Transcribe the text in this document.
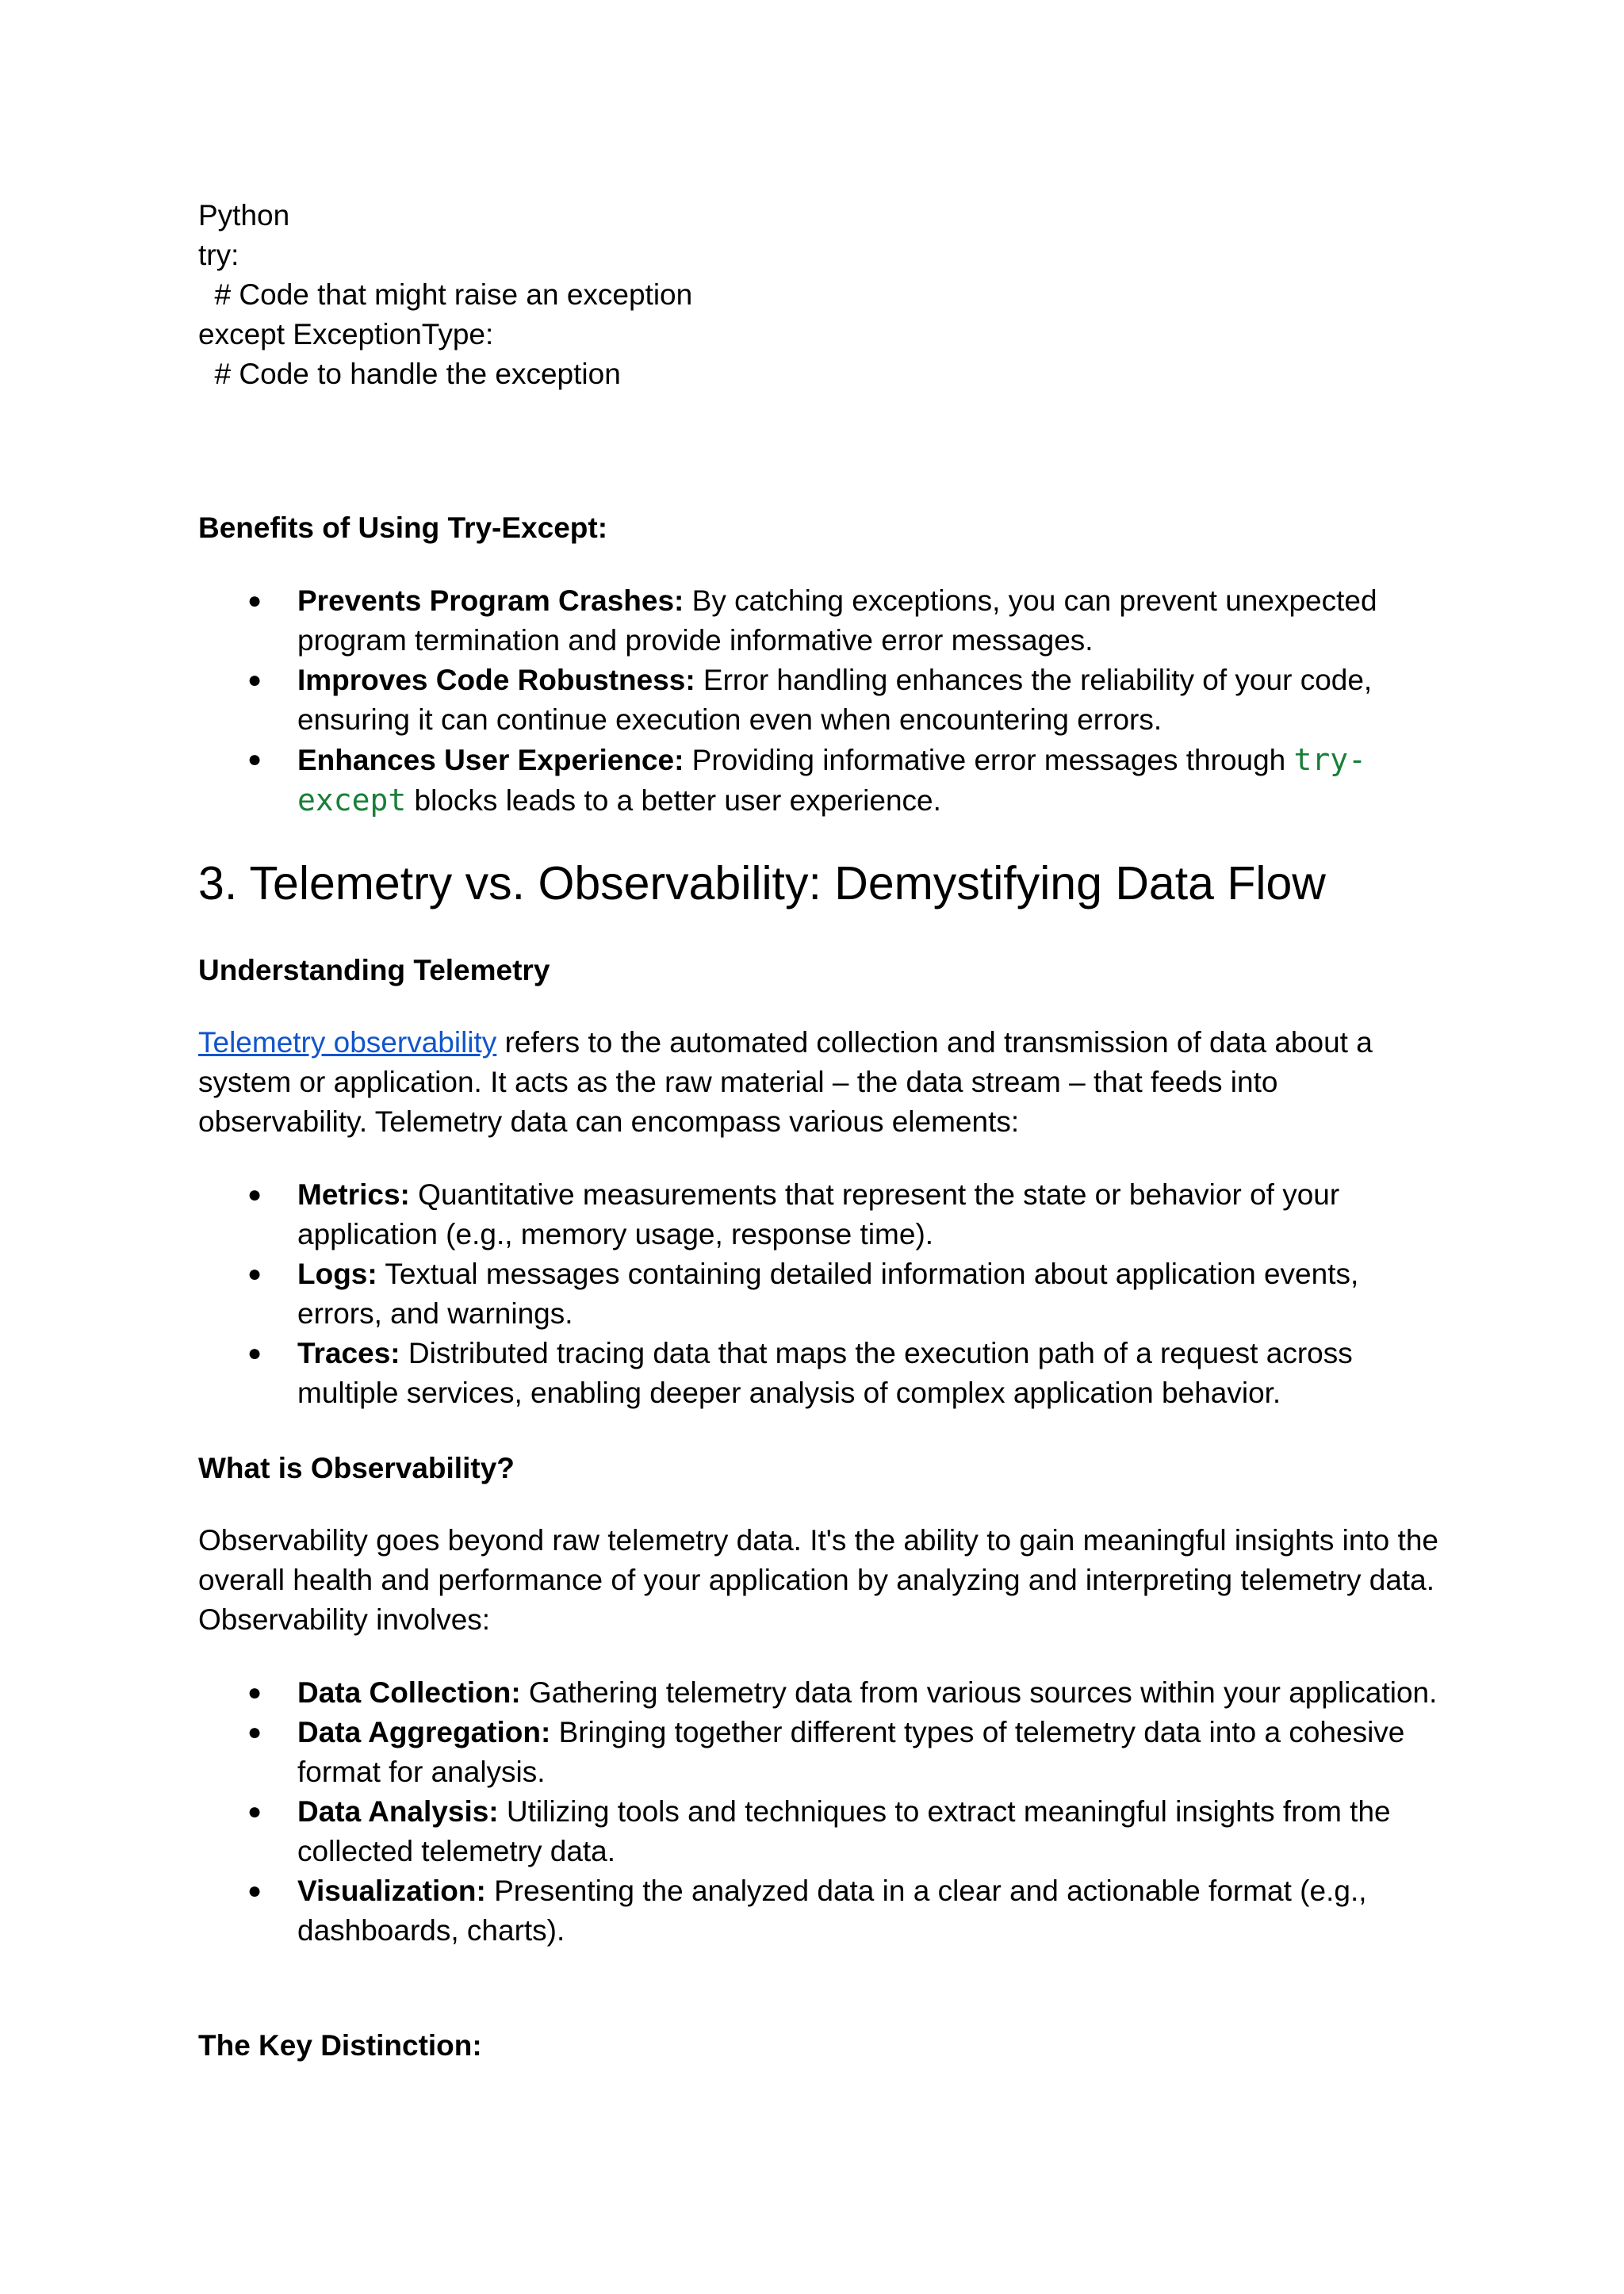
Python
try:
# Code that might raise an exception
except ExceptionType:
# Code to handle the exception
Benefits of Using Try-Except:
● Prevents Program Crashes: By catching exceptions, you can prevent unexpected program termination and provide informative error messages.
● Improves Code Robustness: Error handling enhances the reliability of your code, ensuring it can continue execution even when encountering errors.
● Enhances User Experience: Providing informative error messages through try-except blocks leads to a better user experience.
3. Telemetry vs. Observability: Demystifying Data Flow
Understanding Telemetry
Telemetry observability refers to the automated collection and transmission of data about a system or application. It acts as the raw material – the data stream – that feeds into observability. Telemetry data can encompass various elements:
● Metrics: Quantitative measurements that represent the state or behavior of your application (e.g., memory usage, response time).
● Logs: Textual messages containing detailed information about application events, errors, and warnings.
● Traces: Distributed tracing data that maps the execution path of a request across multiple services, enabling deeper analysis of complex application behavior.
What is Observability?
Observability goes beyond raw telemetry data. It's the ability to gain meaningful insights into the overall health and performance of your application by analyzing and interpreting telemetry data. Observability involves:
● Data Collection: Gathering telemetry data from various sources within your application.
● Data Aggregation: Bringing together different types of telemetry data into a cohesive format for analysis.
● Data Analysis: Utilizing tools and techniques to extract meaningful insights from the collected telemetry data.
● Visualization: Presenting the analyzed data in a clear and actionable format (e.g., dashboards, charts).
The Key Distinction:
